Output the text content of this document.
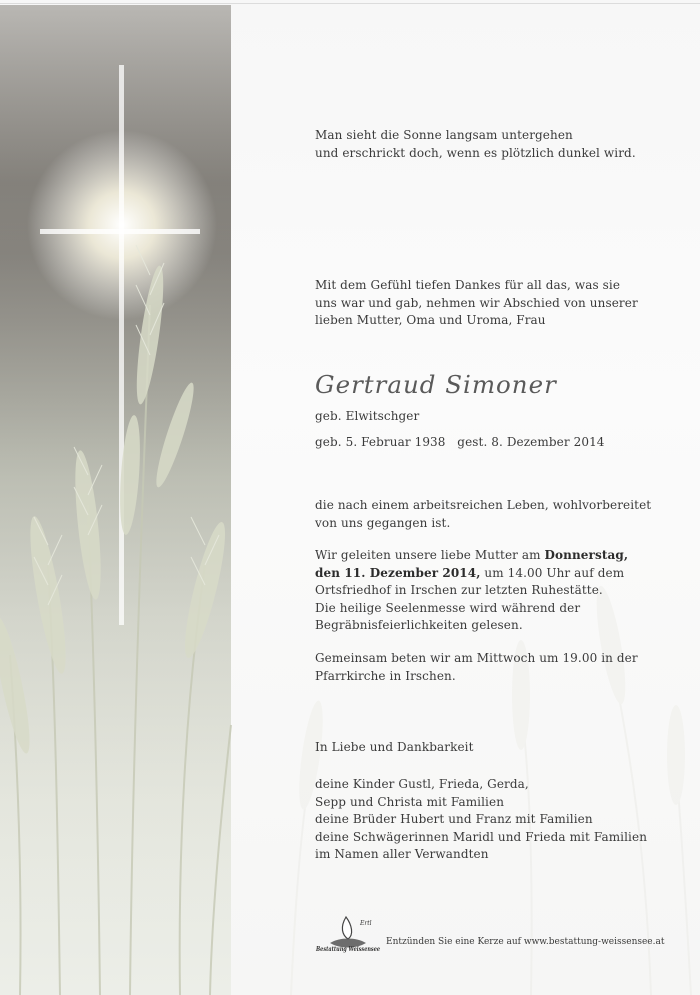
Man sieht die Sonne langsam untergehen

und erschrickt doch, wenn es plötzlich dunkel wird.

Mit dem Gefühl tiefen Dankes für all das, was sie

uns war und gab, nehmen wir Abschied von unserer

lieben Mutter, Oma und Uroma, Frau

geb. Elwitschger

geb. 5. Februar 1938 gest. 8. Dezember 2014

die nach einem arbeitsreichen Leben, wohlvorbereitet

von uns gegangen ist.

Wir geleiten unsere liebe Mutter am Donnerstag,

den 11. Dezember 2014, um 14.00 Uhr auf dem

Ortsfriedhof in Irschen zur letzten Ruhestätte.

Die heilige Seelenmesse wird während der

Begräbnisfeierlichkeiten gelesen.

Gemeinsam beten wir am Mittwoch um 19.00 in der

Pfarrkirche in Irschen.

In Liebe und Dankbarkeit

deine Kinder Gustl, Frieda, Gerda,

Sepp und Christa mit Familien

deine Brüder Hubert und Franz mit Familien

deine Schwägerinnen Maridl und Frieda mit Familien

im Namen aller Verwandten

Gertraud Simoner
Ertl
Bestattung Weissensee
Entzünden Sie eine Kerze auf www.bestattung-weissensee.at
